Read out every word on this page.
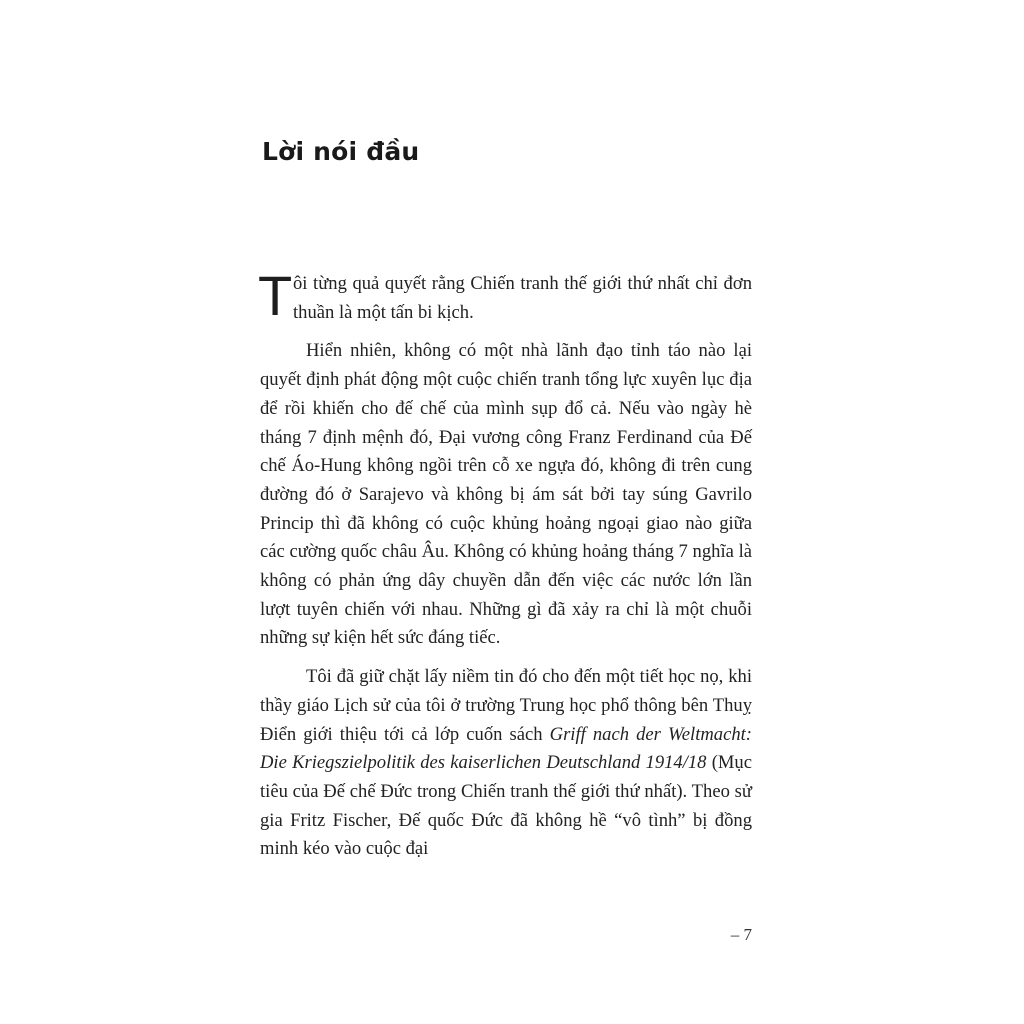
Lời nói đầu

T ôi từng quả quyết rằng Chiến tranh thế giới thứ nhất chỉ đơn thuần là một tấn bi kịch.

Hiển nhiên, không có một nhà lãnh đạo tỉnh táo nào lại quyết định phát động một cuộc chiến tranh tổng lực xuyên lục địa để rồi khiến cho đế chế của mình sụp đổ cả. Nếu vào ngày hè tháng 7 định mệnh đó, Đại vương công Franz Ferdinand của Đế chế Áo-Hung không ngồi trên cỗ xe ngựa đó, không đi trên cung đường đó ở Sarajevo và không bị ám sát bởi tay súng Gavrilo Princip thì đã không có cuộc khủng hoảng ngoại giao nào giữa các cường quốc châu Âu. Không có khủng hoảng tháng 7 nghĩa là không có phản ứng dây chuyền dẫn đến việc các nước lớn lần lượt tuyên chiến với nhau. Những gì đã xảy ra chỉ là một chuỗi những sự kiện hết sức đáng tiếc.

Tôi đã giữ chặt lấy niềm tin đó cho đến một tiết học nọ, khi thầy giáo Lịch sử của tôi ở trường Trung học phổ thông bên Thuỵ Điển giới thiệu tới cả lớp cuốn sách Griff nach der Weltmacht: Die Kriegszielpolitik des kaiserlichen Deutschland 1914/18 (Mục tiêu của Đế chế Đức trong Chiến tranh thế giới thứ nhất). Theo sử gia Fritz Fischer, Đế quốc Đức đã không hề “vô tình” bị đồng minh kéo vào cuộc đại

– 7
